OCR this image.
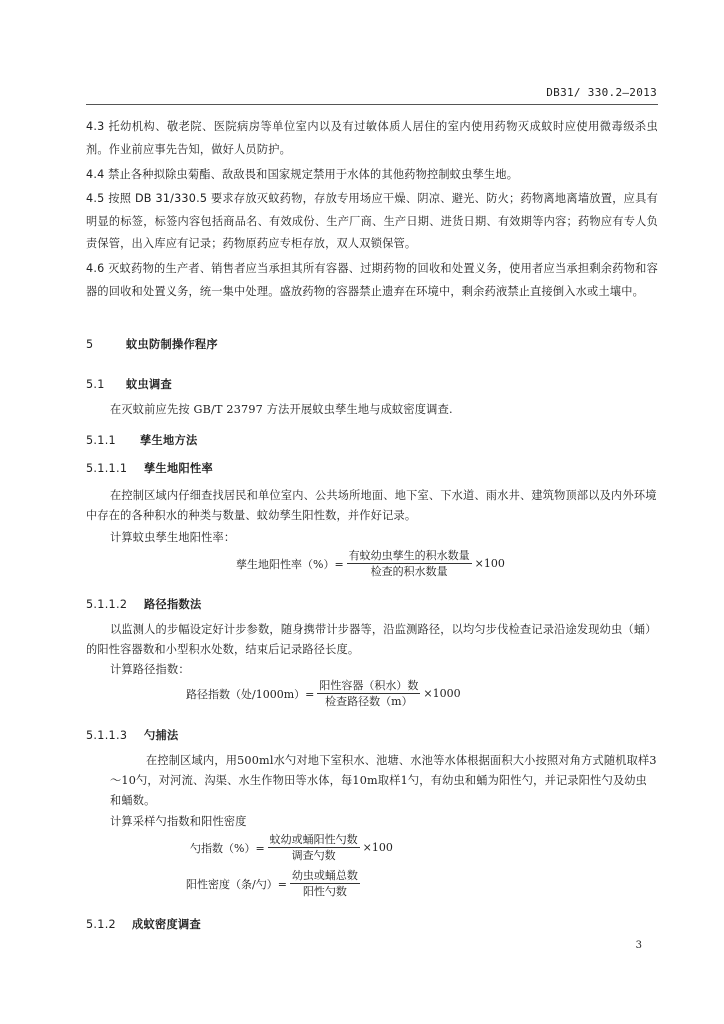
DB31/ 330.2—2013
4.3 托幼机构、敬老院、医院病房等单位室内以及有过敏体质人居住的室内使用药物灭成蚊时应使用微毒级杀虫剂。作业前应事先告知，做好人员防护。
4.4 禁止各种拟除虫菊酯、敌敌畏和国家规定禁用于水体的其他药物控制蚊虫孳生地。
4.5 按照 DB 31/330.5 要求存放灭蚊药物，存放专用场应干燥、阴凉、避光、防火；药物离地离墙放置，应具有明显的标签，标签内容包括商品名、有效成份、生产厂商、生产日期、进货日期、有效期等内容；药物应有专人负责保管，出入库应有记录；药物原药应专柜存放，双人双锁保管。
4.6 灭蚊药物的生产者、销售者应当承担其所有容器、过期药物的回收和处置义务，使用者应当承担剩余药物和容器的回收和处置义务，统一集中处理。盛放药物的容器禁止遗弃在环境中，剩余药液禁止直接倒入水或土壤中。
5	蚊虫防制操作程序
5.1 蚊虫调查
在灭蚊前应先按 GB/T 23797 方法开展蚊虫孳生地与成蚊密度调查.
5.1.1 孳生地方法
5.1.1.1 孳生地阳性率
在控制区域内仔细查找居民和单位室内、公共场所地面、地下室、下水道、雨水井、建筑物顶部以及内外环境中存在的各种积水的种类与数量、蚊幼孳生阳性数，并作好记录。
计算蚊虫孳生地阳性率：
孳生地阳性率（%）=
有蚊幼虫孳生的积水数量
检查的积水数量
×100
5.1.1.2 路径指数法
以监测人的步幅设定好计步参数，随身携带计步器等，沿监测路径，以均匀步伐检查记录沿途发现幼虫（蛹）的阳性容器数和小型积水处数，结束后记录路径长度。
计算路径指数：
路径指数（处/1000m）=
阳性容器（积水）数
检查路径数（m）
×1000
5.1.1.3 勺捕法
在控制区域内，用500ml水勺对地下室积水、池塘、水池等水体根据面积大小按照对角方式随机取样3～10勺，对河流、沟渠、水生作物田等水体，每10m取样1勺，有幼虫和蛹为阳性勺，并记录阳性勺及幼虫和蛹数。
计算采样勺指数和阳性密度
勺指数（%）=
蚊幼或蛹阳性勺数
调查勺数
×100
阳性密度（条/勺）=
幼虫或蛹总数
阳性勺数
5.1.2 成蚊密度调查
3
